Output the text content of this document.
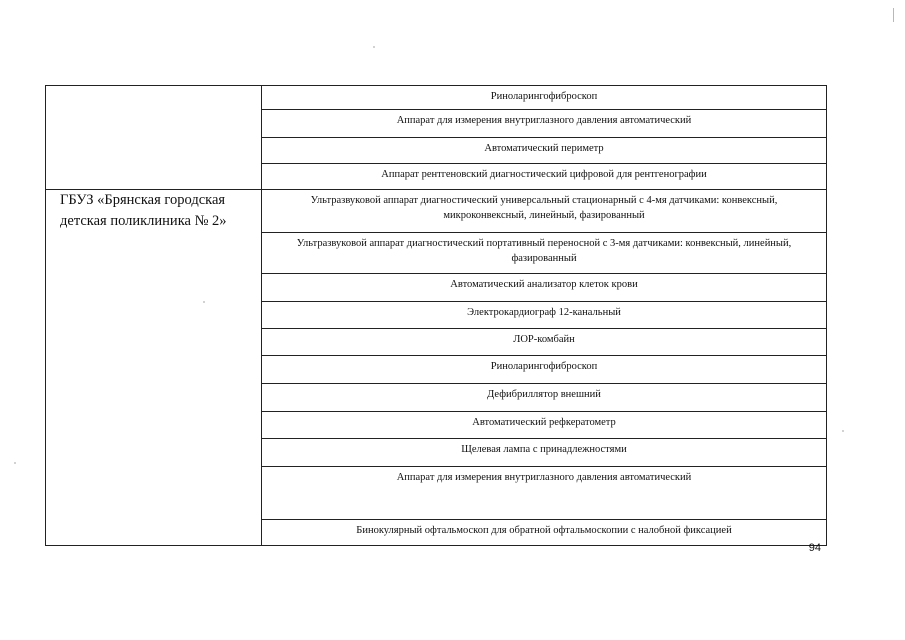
	Риноларингофиброскоп

	Аппарат для измерения внутриглазного давления автоматический

	Автоматический периметр

	Аппарат рентгеновский диагностический цифровой для рентгенографии

ГБУЗ «Брянская городская детская поликлиника № 2»	Ультразвуковой аппарат диагностический универсальный стационарный с 4-мя датчиками: конвексный, микроконвексный, линейный, фазированный

	Ультразвуковой аппарат диагностический портативный переносной с 3-мя датчиками: конвексный, линейный, фазированный

	Автоматический анализатор клеток крови

	Электрокардиограф 12-канальный

	ЛОР-комбайн

	Риноларингофиброскоп

	Дефибриллятор внешний

	Автоматический рефкератометр

	Щелевая лампа с принадлежностями

	Аппарат для измерения внутриглазного давления автоматический

	Бинокулярный офтальмоскоп для обратной офтальмоскопии с налобной фиксацией
94
